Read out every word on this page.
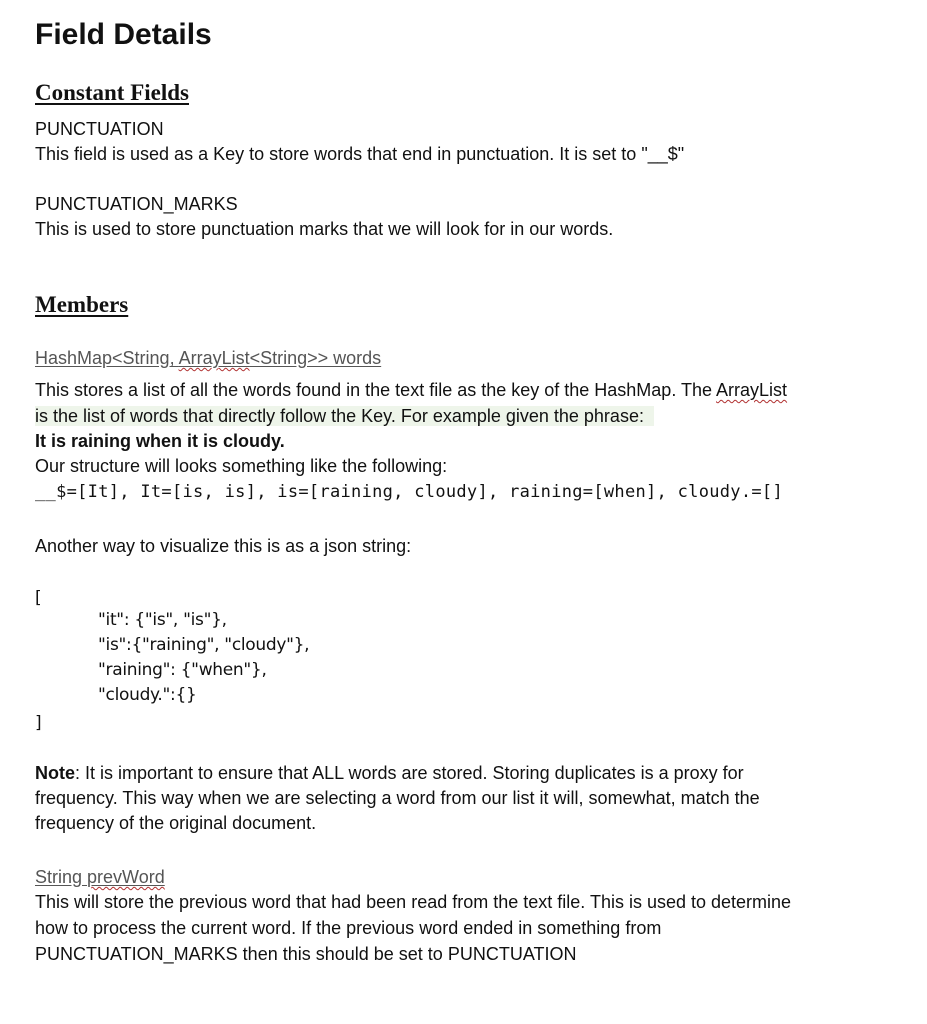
Field Details
Constant Fields
PUNCTUATION
This field is used as a Key to store words that end in punctuation. It is set to "__$"
PUNCTUATION_MARKS
This is used to store punctuation marks that we will look for in our words.
Members
HashMap<String, ArrayList<String>> words
This stores a list of all the words found in the text file as the key of the HashMap. The ArrayList
is the list of words that directly follow the Key. For example given the phrase:
It is raining when it is cloudy.
Our structure will looks something like the following:
__$=[It], It=[is, is], is=[raining, cloudy], raining=[when], cloudy.=[]
Another way to visualize this is as a json string:
[
"it": {"is", "is"},
"is":{"raining", "cloudy"},
"raining": {"when"},
"cloudy.":{}
]
Note: It is important to ensure that ALL words are stored. Storing duplicates is a proxy for
frequency. This way when we are selecting a word from our list it will, somewhat, match the
frequency of the original document.
String prevWord
This will store the previous word that had been read from the text file. This is used to determine
how to process the current word. If the previous word ended in something from
PUNCTUATION_MARKS then this should be set to PUNCTUATION
